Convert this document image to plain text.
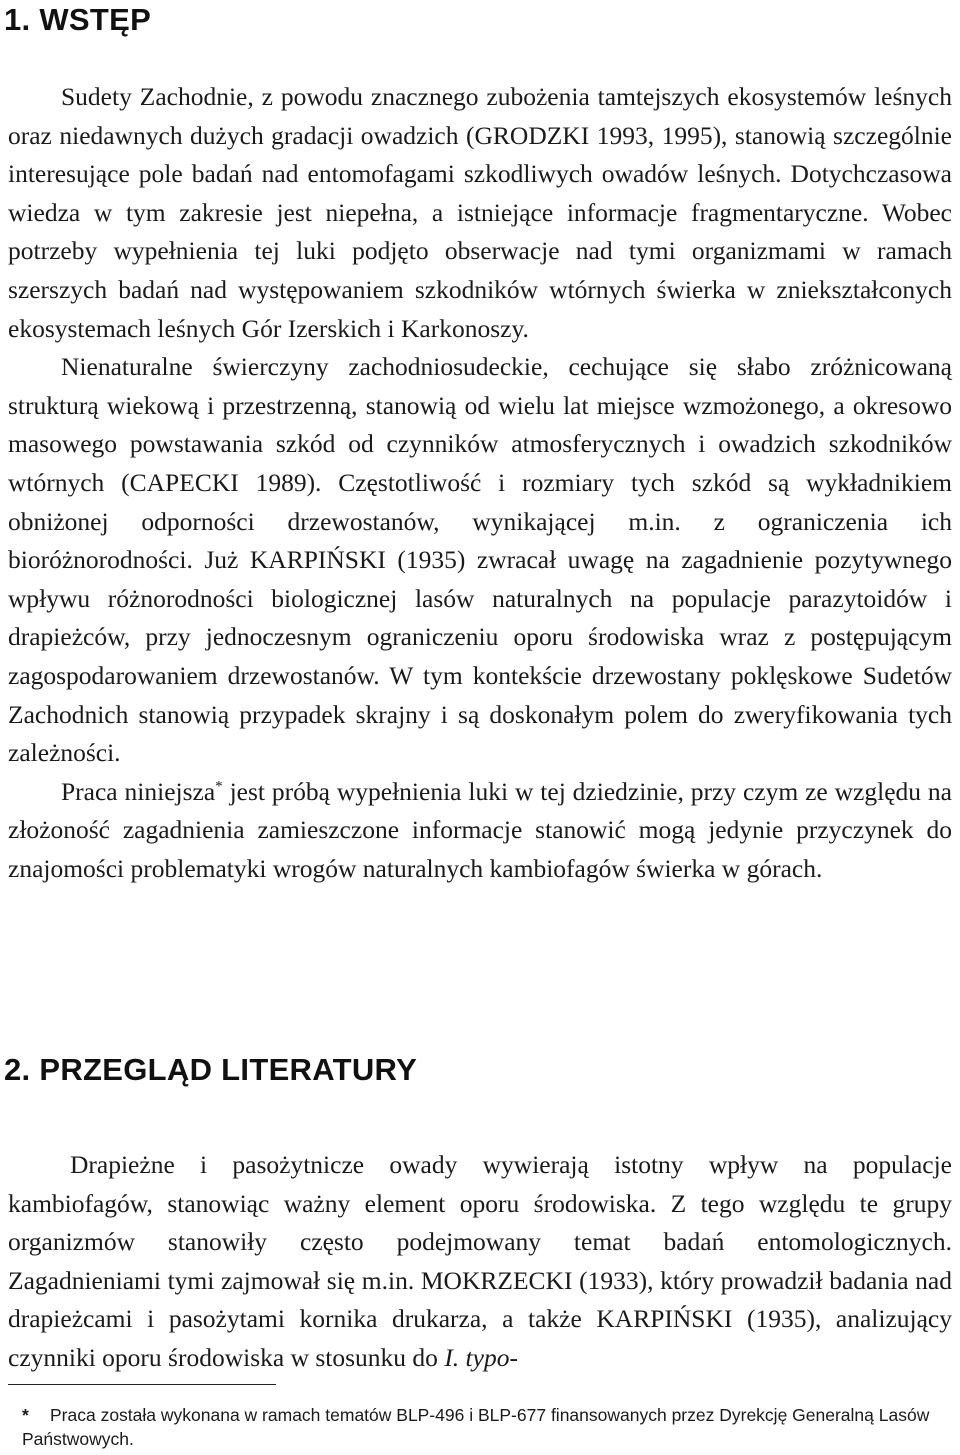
1. WSTĘP

Sudety Zachodnie, z powodu znacznego zubożenia tamtejszych ekosystemów leśnych oraz niedawnych dużych gradacji owadzich (GRODZKI 1993, 1995), stanowią szczególnie interesujące pole badań nad entomofagami szkodliwych owadów leśnych. Dotychczasowa wiedza w tym zakresie jest niepełna, a istniejące informacje fragmentaryczne. Wobec potrzeby wypełnienia tej luki podjęto obserwacje nad tymi organizmami w ramach szerszych badań nad występowaniem szkodników wtórnych świerka w zniekształconych ekosystemach leśnych Gór Izerskich i Karkonoszy.

Nienaturalne świerczyny zachodniosudeckie, cechujące się słabo zróżnicowaną strukturą wiekową i przestrzenną, stanowią od wielu lat miejsce wzmożonego, a okresowo masowego powstawania szkód od czynników atmosferycznych i owadzich szkodników wtórnych (CAPECKI 1989). Częstotliwość i rozmiary tych szkód są wykładnikiem obniżonej odporności drzewostanów, wynikającej m.in. z ograniczenia ich bioróżnorodności. Już KARPIŃSKI (1935) zwracał uwagę na zagadnienie pozytywnego wpływu różnorodności biologicznej lasów naturalnych na populacje parazytoidów i drapieżców, przy jednoczesnym ograniczeniu oporu środowiska wraz z postępującym zagospodarowaniem drzewostanów. W tym kontekście drzewostany poklęskowe Sudetów Zachodnich stanowią przypadek skrajny i są doskonałym polem do zweryfikowania tych zależności.

Praca niniejsza* jest próbą wypełnienia luki w tej dziedzinie, przy czym ze względu na złożoność zagadnienia zamieszczone informacje stanowić mogą jedynie przyczynek do znajomości problematyki wrogów naturalnych kambiofagów świerka w górach.

2. PRZEGLĄD LITERATURY

Drapieżne i pasożytnicze owady wywierają istotny wpływ na populacje kambiofagów, stanowiąc ważny element oporu środowiska. Z tego względu te grupy organizmów stanowiły często podejmowany temat badań entomologicznych. Zagadnieniami tymi zajmował się m.in. MOKRZECKI (1933), który prowadził badania nad drapieżcami i pasożytami kornika drukarza, a także KARPIŃSKI (1935), analizujący czynniki oporu środowiska w stosunku do I. typo-

* Praca została wykonana w ramach tematów BLP-496 i BLP-677 finansowanych przez Dyrekcję Generalną Lasów Państwowych.
